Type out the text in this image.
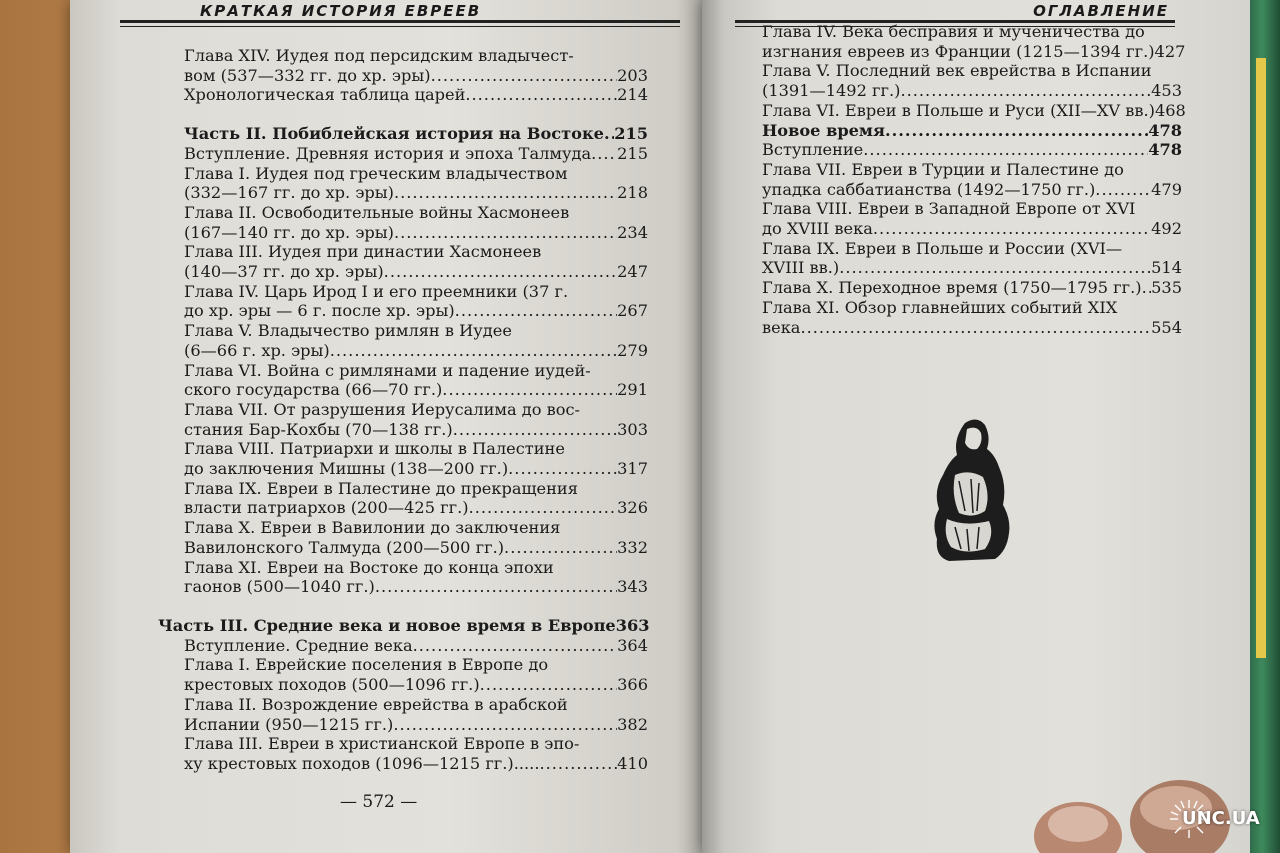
КРАТКАЯ ИСТОРИЯ ЕВРЕЕВ	ОГЛАВЛЕНИЕ
Глава XIV. Иудея под персидским владычест-
вом (537—332 гг. до хр. эры) .....	203
Хронологическая таблица царей .....	214
Часть II. Побиблейская история на Востоке ..... 215
Вступление. Древняя история и эпоха Талмуда ..... 215
Глава I. Иудея под греческим владычеством
(332—167 гг. до хр. эры) .....	218
Глава II. Освободительные войны Хасмонеев
(167—140 гг. до хр. эры) .....	234
Глава III. Иудея при династии Хасмонеев
(140—37 гг. до хр. эры) .....	247
Глава IV. Царь Ирод I и его преемники (37 г.
до хр. эры — 6 г. после хр. эры) .....	267
Глава V. Владычество римлян в Иудее
(6—66 г. хр. эры) .....	279
Глава VI. Война с римлянами и падение иудей-
ского государства (66—70 гг.) .....	291
Глава VII. От разрушения Иерусалима до вос-
стания Бар-Кохбы (70—138 гг.) .....	303
Глава VIII. Патриархи и школы в Палестине
до заключения Мишны (138—200 гг.) .....	317
Глава IX. Евреи в Палестине до прекращения
власти патриархов (200—425 гг.) .....	326
Глава X. Евреи в Вавилонии до заключения
Вавилонского Талмуда (200—500 гг.) .....	332
Глава XI. Евреи на Востоке до конца эпохи
гаонов (500—1040 гг.) .....	343
Часть III. Средние века и новое время в Европе 363
Вступление. Средние века .....	364
Глава I. Еврейские поселения в Европе до
крестовых походов (500—1096 гг.) .....	366
Глава II. Возрождение еврейства в арабской
Испании (950—1215 гг.) .....	382
Глава III. Евреи в христианской Европе в эпо-
ху крестовых походов (1096—1215 гг.)..... .....	410
Глава IV. Века бесправия и мученичества до
изгнания евреев из Франции (1215—1394 гг.) 427
Глава V. Последний век еврейства в Испании
(1391—1492 гг.) .....	453
Глава VI. Евреи в Польше и Руси (XII—XV вв.) 468
Новое время .....	478
Вступление .....	478
Глава VII. Евреи в Турции и Палестине до
упадка саббатианства (1492—1750 гг.) .....	479
Глава VIII. Евреи в Западной Европе от XVI
до XVIII века .....	492
Глава IX. Евреи в Польше и России (XVI—
XVIII вв.) .....	514
Глава X. Переходное время (1750—1795 гг.) ..... 535
Глава XI. Обзор главнейших событий XIX
века .....	554
— 572 —
UNC.UA
